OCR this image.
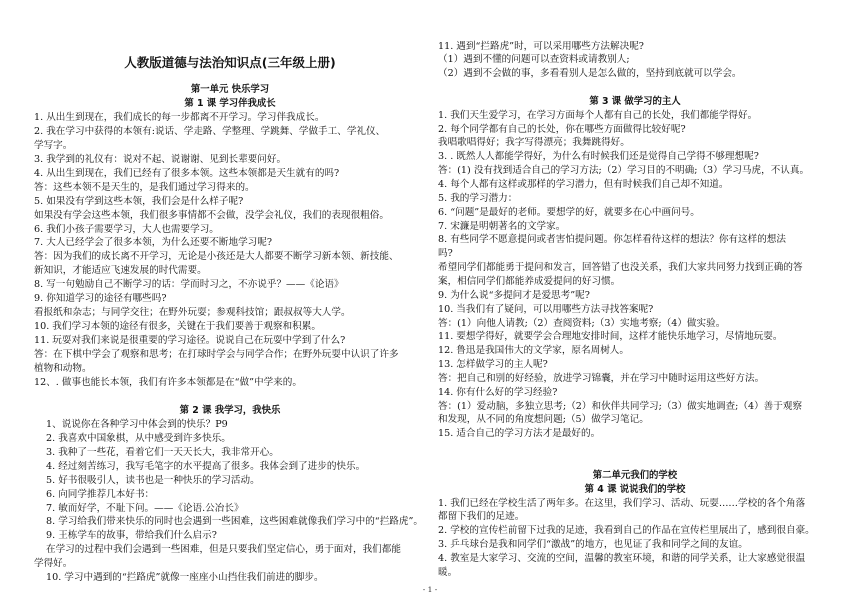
人教版道德与法治知识点(三年级上册)
第一单元 快乐学习
第 1 课 学习伴我成长
1. 从出生到现在，我们成长的每一步都离不开学习。学习伴我成长。
2. 我在学习中获得的本领有:说话、学走路、学整理、学跳舞、学做手工、学礼仪、
学写字。
3. 我学到的礼仪有：说对不起、说谢谢、见到长辈要问好。
4. 从出生到现在，我们已经有了很多本领。这些本领都是天生就有的吗?
答：这些本领不是天生的，是我们通过学习得来的。
5. 如果没有学到这些本领，我们会是什么样子呢?
如果没有学会这些本领，我们很多事情都不会做，没学会礼仪，我们的表现很粗俗。
6. 我们小孩子需要学习，大人也需要学习。
7. 大人已经学会了很多本领，为什么还要不断地学习呢?
答：因为我们的成长离不开学习，无论是小孩还是大人都要不断学习新本领、新技能、
新知识，才能适应飞速发展的时代需要。
8. 写一句勉励自己不断学习的话：学而时习之，不亦说乎？——《论语》
9. 你知道学习的途径有哪些吗?
看报纸和杂志；与同学交往；在野外玩耍；参观科技馆；跟叔叔等大人学。
10. 我们学习本领的途径有很多，关键在于我们要善于观察和积累。
11. 玩耍对我们来说是很重要的学习途径。说说自己在玩耍中学到了什么?
答：在下棋中学会了观察和思考；在打球时学会与同学合作；在野外玩耍中认识了许多
植物和动物。
12、. 做事也能长本领，我们有许多本领都是在“做”中学来的。
第 2 课 我学习，我快乐
1、说说你在各种学习中体会到的快乐？P9
2. 我喜欢中国象棋，从中感受到许多快乐。
3. 我种了一些花，看着它们一天天长大，我非常开心。
4. 经过刻苦练习，我写毛笔字的水平提高了很多。我体会到了进步的快乐。
5. 好书很吸引人，读书也是一种快乐的学习活动。
6. 向同学推荐几本好书：
7. 敏而好学，不耻下问。——《论语.公冶长》
8. 学习给我们带来快乐的同时也会遇到一些困难，这些困难就像我们学习中的“拦路虎”。
9. 王栋学车的故事，带给我们什么启示?
在学习的过程中我们会遇到一些困难，但是只要我们坚定信心，勇于面对，我们都能
学得好。
10. 学习中遇到的“拦路虎”就像一座座小山挡住我们前进的脚步。
11. 遇到“拦路虎”时，可以采用哪些方法解决呢?
（1）遇到不懂的问题可以查资料或请教别人;
（2）遇到不会做的事，多看看别人是怎么做的，坚持到底就可以学会。
第 3 课 做学习的主人
1. 我们天生爱学习，在学习方面每个人都有自己的长处，我们都能学得好。
2. 每个同学都有自己的长处，你在哪些方面做得比较好呢?
我唱歌唱得好；我字写得漂亮；我舞跳得好。
3. . 既然人人都能学得好，为什么有时候我们还是觉得自己学得不够理想呢?
答：(1) 没有找到适合自己的学习方法;（2）学习目的不明确;（3）学习马虎，不认真。
4. 每个人都有这样或那样的学习潜力，但有时候我们自己却不知道。
5. 我的学习潜力：
6. “问题”是最好的老师。要想学的好，就要多在心中画问号。
7. 宋濂是明朝著名的文学家。
8. 有些同学不愿意提问或者害怕提问题。你怎样看待这样的想法？你有这样的想法
吗?
希望同学们都能勇于提问和发言，回答错了也没关系，我们大家共同努力找到正确的答
案，相信同学们都能养成爱提问的好习惯。
9. 为什么说“多提问才是爱思考”呢?
10. 当我们有了疑问，可以用哪些方法寻找答案呢?
答：(1）向他人请教;（2）查阅资料;（3）实地考察;（4）做实验。
11. 要想学得好，就要学会合理地安排时间，这样才能快乐地学习，尽情地玩耍。
12. 鲁迅是我国伟大的文学家，原名周树人。
13. 怎样做学习的主人呢?
答：把自己和别的好经验，放进学习锦囊，并在学习中随时运用这些好方法。
14. 你有什么好的学习经验?
答：(1）爱动脑，多独立思考;（2）和伙伴共同学习;（3）做实地调查;（4）善于观察
和发现，从不同的角度想问题;（5）做学习笔记。
15. 适合自己的学习方法才是最好的。
第二单元我们的学校
第 4 课 说说我们的学校
1. 我们已经在学校生活了两年多。在这里，我们学习、活动、玩耍……学校的各个角落
都留下我们的足迹。
2. 学校的宣传栏前留下过我的足迹，我看到自己的作品在宣传栏里展出了，感到很自豪。
3. 乒乓球台是我和同学们“激战”的地方，也见证了我和同学之间的友谊。
4. 教室是大家学习、交流的空间，温馨的教室环境，和谐的同学关系，让大家感觉很温
暖。
- 1 -
